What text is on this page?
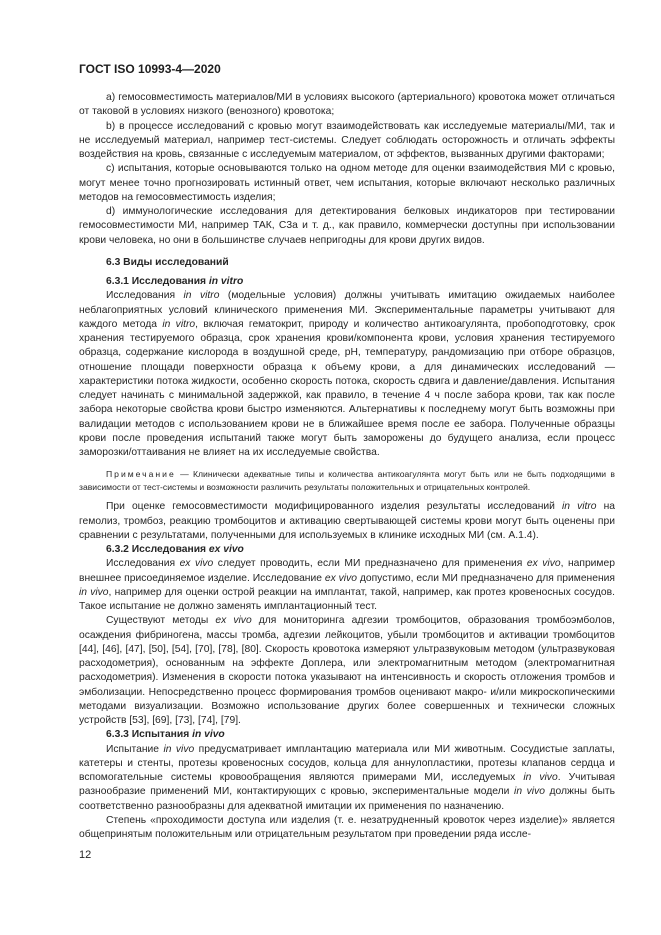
ГОСТ ISO 10993-4—2020

a) гемосовместимость материалов/МИ в условиях высокого (артериального) кровотока может отличаться от таковой в условиях низкого (венозного) кровотока;

b) в процессе исследований с кровью могут взаимодействовать как исследуемые материалы/МИ, так и не исследуемый материал, например тест-системы. Следует соблюдать осторожность и отличать эффекты воздействия на кровь, связанные с исследуемым материалом, от эффектов, вызванных другими факторами;

c) испытания, которые основываются только на одном методе для оценки взаимодействия МИ с кровью, могут менее точно прогнозировать истинный ответ, чем испытания, которые включают несколько различных методов на гемосовместимость изделия;

d) иммунологические исследования для детектирования белковых индикаторов при тестировании гемосовместимости МИ, например ТАК, C3a и т. д., как правило, коммерчески доступны при использовании крови человека, но они в большинстве случаев непригодны для крови других видов.

6.3 Виды исследований

6.3.1 Исследования in vitro

Исследования in vitro (модельные условия) должны учитывать имитацию ожидаемых наиболее неблагоприятных условий клинического применения МИ. Экспериментальные параметры учитывают для каждого метода in vitro, включая гематокрит, природу и количество антикоагулянта, пробоподготовку, срок хранения тестируемого образца, срок хранения крови/компонента крови, условия хранения тестируемого образца, содержание кислорода в воздушной среде, pH, температуру, рандомизацию при отборе образцов, отношение площади поверхности образца к объему крови, а для динамических исследований — характеристики потока жидкости, особенно скорость потока, скорость сдвига и давление/давления. Испытания следует начинать с минимальной задержкой, как правило, в течение 4 ч после забора крови, так как после забора некоторые свойства крови быстро изменяются. Альтернативы к последнему могут быть возможны при валидации методов с использованием крови не в ближайшее время после ее забора. Полученные образцы крови после проведения испытаний также могут быть заморожены до будущего анализа, если процесс заморозки/оттаивания не влияет на их исследуемые свойства.

Примечание — Клинически адекватные типы и количества антикоагулянта могут быть или не быть подходящими в зависимости от тест-системы и возможности различить результаты положительных и отрицательных контролей.

При оценке гемосовместимости модифицированного изделия результаты исследований in vitro на гемолиз, тромбоз, реакцию тромбоцитов и активацию свертывающей системы крови могут быть оценены при сравнении с результатами, полученными для используемых в клинике исходных МИ (см. А.1.4).

6.3.2 Исследования ex vivo

Исследования ex vivo следует проводить, если МИ предназначено для применения ex vivo, например внешнее присоединяемое изделие. Исследование ex vivo допустимо, если МИ предназначено для применения in vivo, например для оценки острой реакции на имплантат, такой, например, как протез кровеносных сосудов. Такое испытание не должно заменять имплантационный тест.

Существуют методы ex vivo для мониторинга адгезии тромбоцитов, образования тромбоэмболов, осаждения фибриногена, массы тромба, адгезии лейкоцитов, убыли тромбоцитов и активации тромбоцитов [44], [46], [47], [50], [54], [70], [78], [80]. Скорость кровотока измеряют ультразвуковым методом (ультразвуковая расходометрия), основанным на эффекте Доплера, или электромагнитным методом (электромагнитная расходометрия). Изменения в скорости потока указывают на интенсивность и скорость отложения тромбов и эмболизации. Непосредственно процесс формирования тромбов оценивают макро- и/или микроскопическими методами визуализации. Возможно использование других более совершенных и технически сложных устройств [53], [69], [73], [74], [79].

6.3.3 Испытания in vivo

Испытание in vivo предусматривает имплантацию материала или МИ животным. Сосудистые заплаты, катетеры и стенты, протезы кровеносных сосудов, кольца для аннулопластики, протезы клапанов сердца и вспомогательные системы кровообращения являются примерами МИ, исследуемых in vivo. Учитывая разнообразие применений МИ, контактирующих с кровью, экспериментальные модели in vivo должны быть соответственно разнообразны для адекватной имитации их применения по назначению.

Степень «проходимости доступа или изделия (т. е. незатрудненный кровоток через изделие)» является общепринятым положительным или отрицательным результатом при проведении ряда иссле-

12
